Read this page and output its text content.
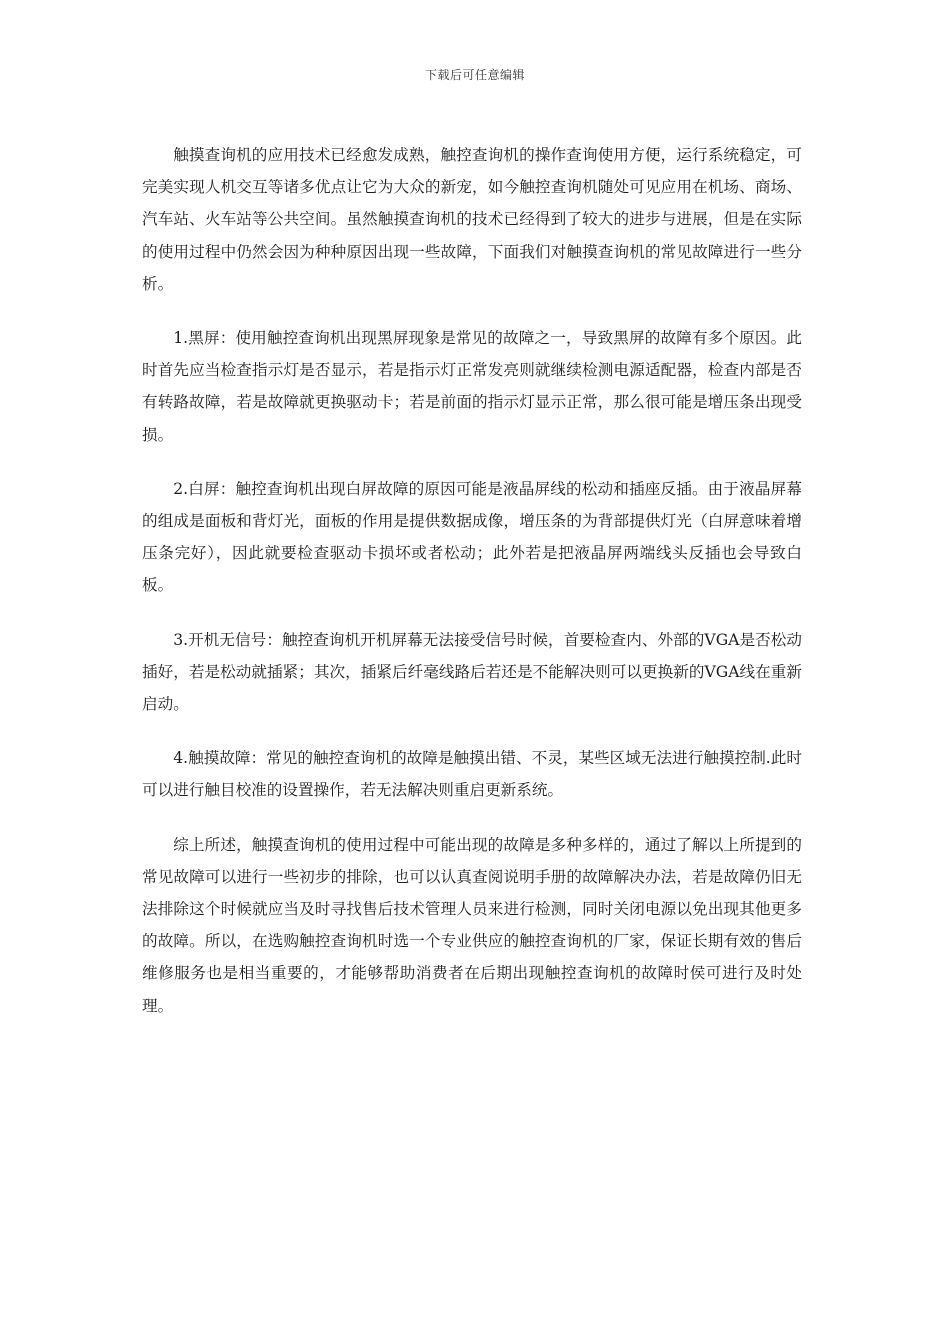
下载后可任意编辑

触摸查询机的应用技术已经愈发成熟，触控查询机的操作查询使用方便，运行系统稳定，可完美实现人机交互等诸多优点让它为大众的新宠，如今触控查询机随处可见应用在机场、商场、汽车站、火车站等公共空间。虽然触摸查询机的技术已经得到了较大的进步与进展，但是在实际的使用过程中仍然会因为种种原因出现一些故障，下面我们对触摸查询机的常见故障进行一些分析。

1.黑屏：使用触控查询机出现黑屏现象是常见的故障之一，导致黑屏的故障有多个原因。此时首先应当检查指示灯是否显示，若是指示灯正常发亮则就继续检测电源适配器，检查内部是否有转路故障，若是故障就更换驱动卡；若是前面的指示灯显示正常，那么很可能是增压条出现受损。

2.白屏：触控查询机出现白屏故障的原因可能是液晶屏线的松动和插座反插。由于液晶屏幕的组成是面板和背灯光，面板的作用是提供数据成像，增压条的为背部提供灯光（白屏意味着增压条完好），因此就要检查驱动卡损坏或者松动；此外若是把液晶屏两端线头反插也会导致白板。

3.开机无信号：触控查询机开机屏幕无法接受信号时候，首要检查内、外部的VGA是否松动插好，若是松动就插紧；其次，插紧后纤毫线路后若还是不能解决则可以更换新的VGA线在重新启动。

4.触摸故障：常见的触控查询机的故障是触摸出错、不灵，某些区域无法进行触摸控制.此时可以进行触目校准的设置操作，若无法解决则重启更新系统。

综上所述，触摸查询机的使用过程中可能出现的故障是多种多样的，通过了解以上所提到的常见故障可以进行一些初步的排除，也可以认真查阅说明手册的故障解决办法，若是故障仍旧无法排除这个时候就应当及时寻找售后技术管理人员来进行检测，同时关闭电源以免出现其他更多的故障。所以，在选购触控查询机时选一个专业供应的触控查询机的厂家，保证长期有效的售后维修服务也是相当重要的，才能够帮助消费者在后期出现触控查询机的故障时侯可进行及时处理。
